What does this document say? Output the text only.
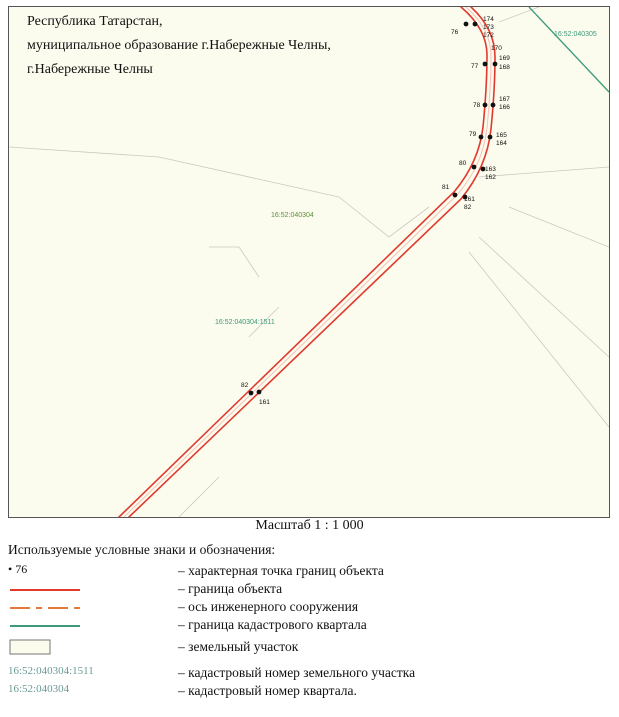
174
173
172
76
170
169
168
77
167
166
78
165
164
79
163
162
80
161
82
81
82
161
16:52:040305
16:52:040304
16:52:040304:1511
Республика Татарстан,
муниципальное образование г.Набережные Челны,
г.Набережные Челны
Масштаб 1 : 1 000
Используемые условные знаки и обозначения:
• 76	– характерная точка границ объекта
– граница объекта
– ось инженерного сооружения
– граница кадастрового квартала
– земельный участок
16:52:040304:1511	– кадастровый номер земельного участка
16:52:040304	– кадастровый номер квартала.
